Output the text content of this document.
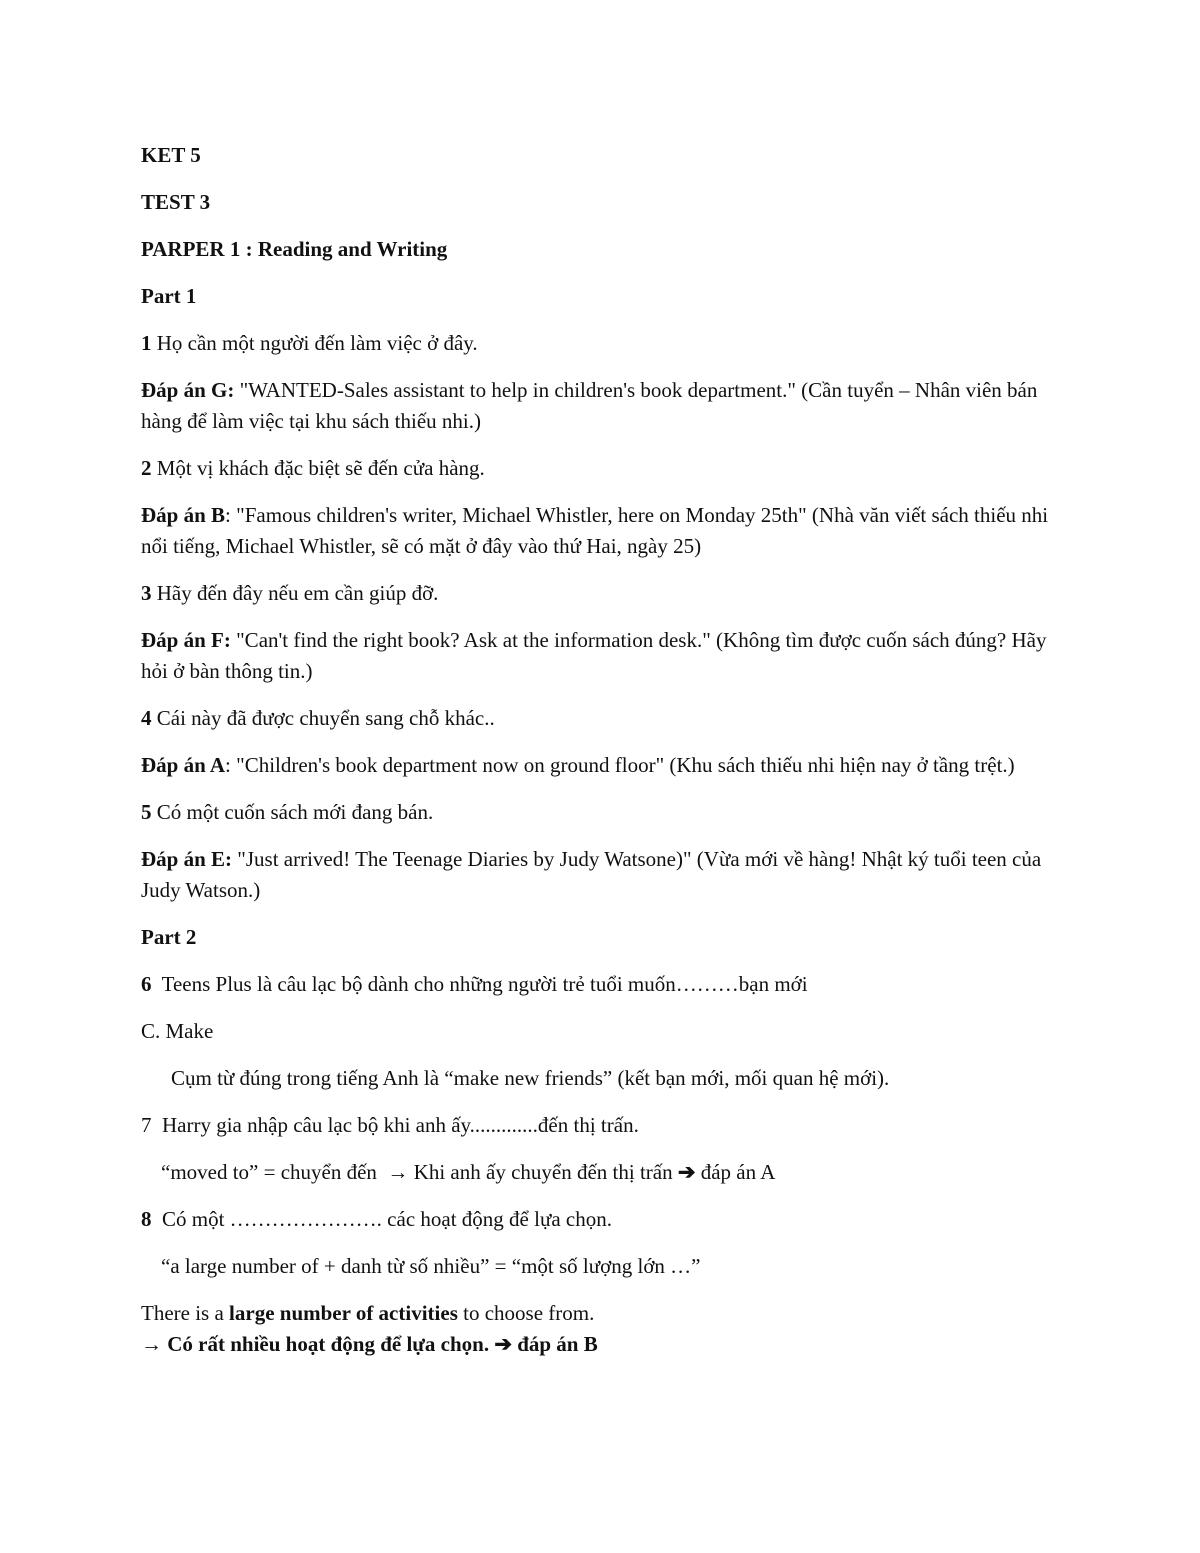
KET 5

TEST 3

PARPER 1 : Reading and Writing

Part 1

1 Họ cần một người đến làm việc ở đây.

Đáp án G: "WANTED-Sales assistant to help in children's book department." (Cần tuyển – Nhân viên bán hàng để làm việc tại khu sách thiếu nhi.)

2 Một vị khách đặc biệt sẽ đến cửa hàng.

Đáp án B: "Famous children's writer, Michael Whistler, here on Monday 25th" (Nhà văn viết sách thiếu nhi nổi tiếng, Michael Whistler, sẽ có mặt ở đây vào thứ Hai, ngày 25)

3 Hãy đến đây nếu em cần giúp đỡ.

Đáp án F: "Can't find the right book? Ask at the information desk." (Không tìm được cuốn sách đúng? Hãy hỏi ở bàn thông tin.)

4 Cái này đã được chuyển sang chỗ khác..

Đáp án A: "Children's book department now on ground floor" (Khu sách thiếu nhi hiện nay ở tầng trệt.)

5 Có một cuốn sách mới đang bán.

Đáp án E: "Just arrived! The Teenage Diaries by Judy Watsone)" (Vừa mới về hàng! Nhật ký tuổi teen của Judy Watson.)

Part 2

6  Teens Plus là câu lạc bộ dành cho những người trẻ tuổi muốn………bạn mới

C. Make

Cụm từ đúng trong tiếng Anh là “make new friends” (kết bạn mới, mối quan hệ mới).

7  Harry gia nhập câu lạc bộ khi anh ấy.............đến thị trấn.

“moved to” = chuyển đến  → Khi anh ấy chuyển đến thị trấn ➔ đáp án A

8  Có một …………………. các hoạt động để lựa chọn.

“a large number of + danh từ số nhiều” = “một số lượng lớn …”

There is a large number of activities to choose from.

→ Có rất nhiều hoạt động để lựa chọn. ➔ đáp án B
